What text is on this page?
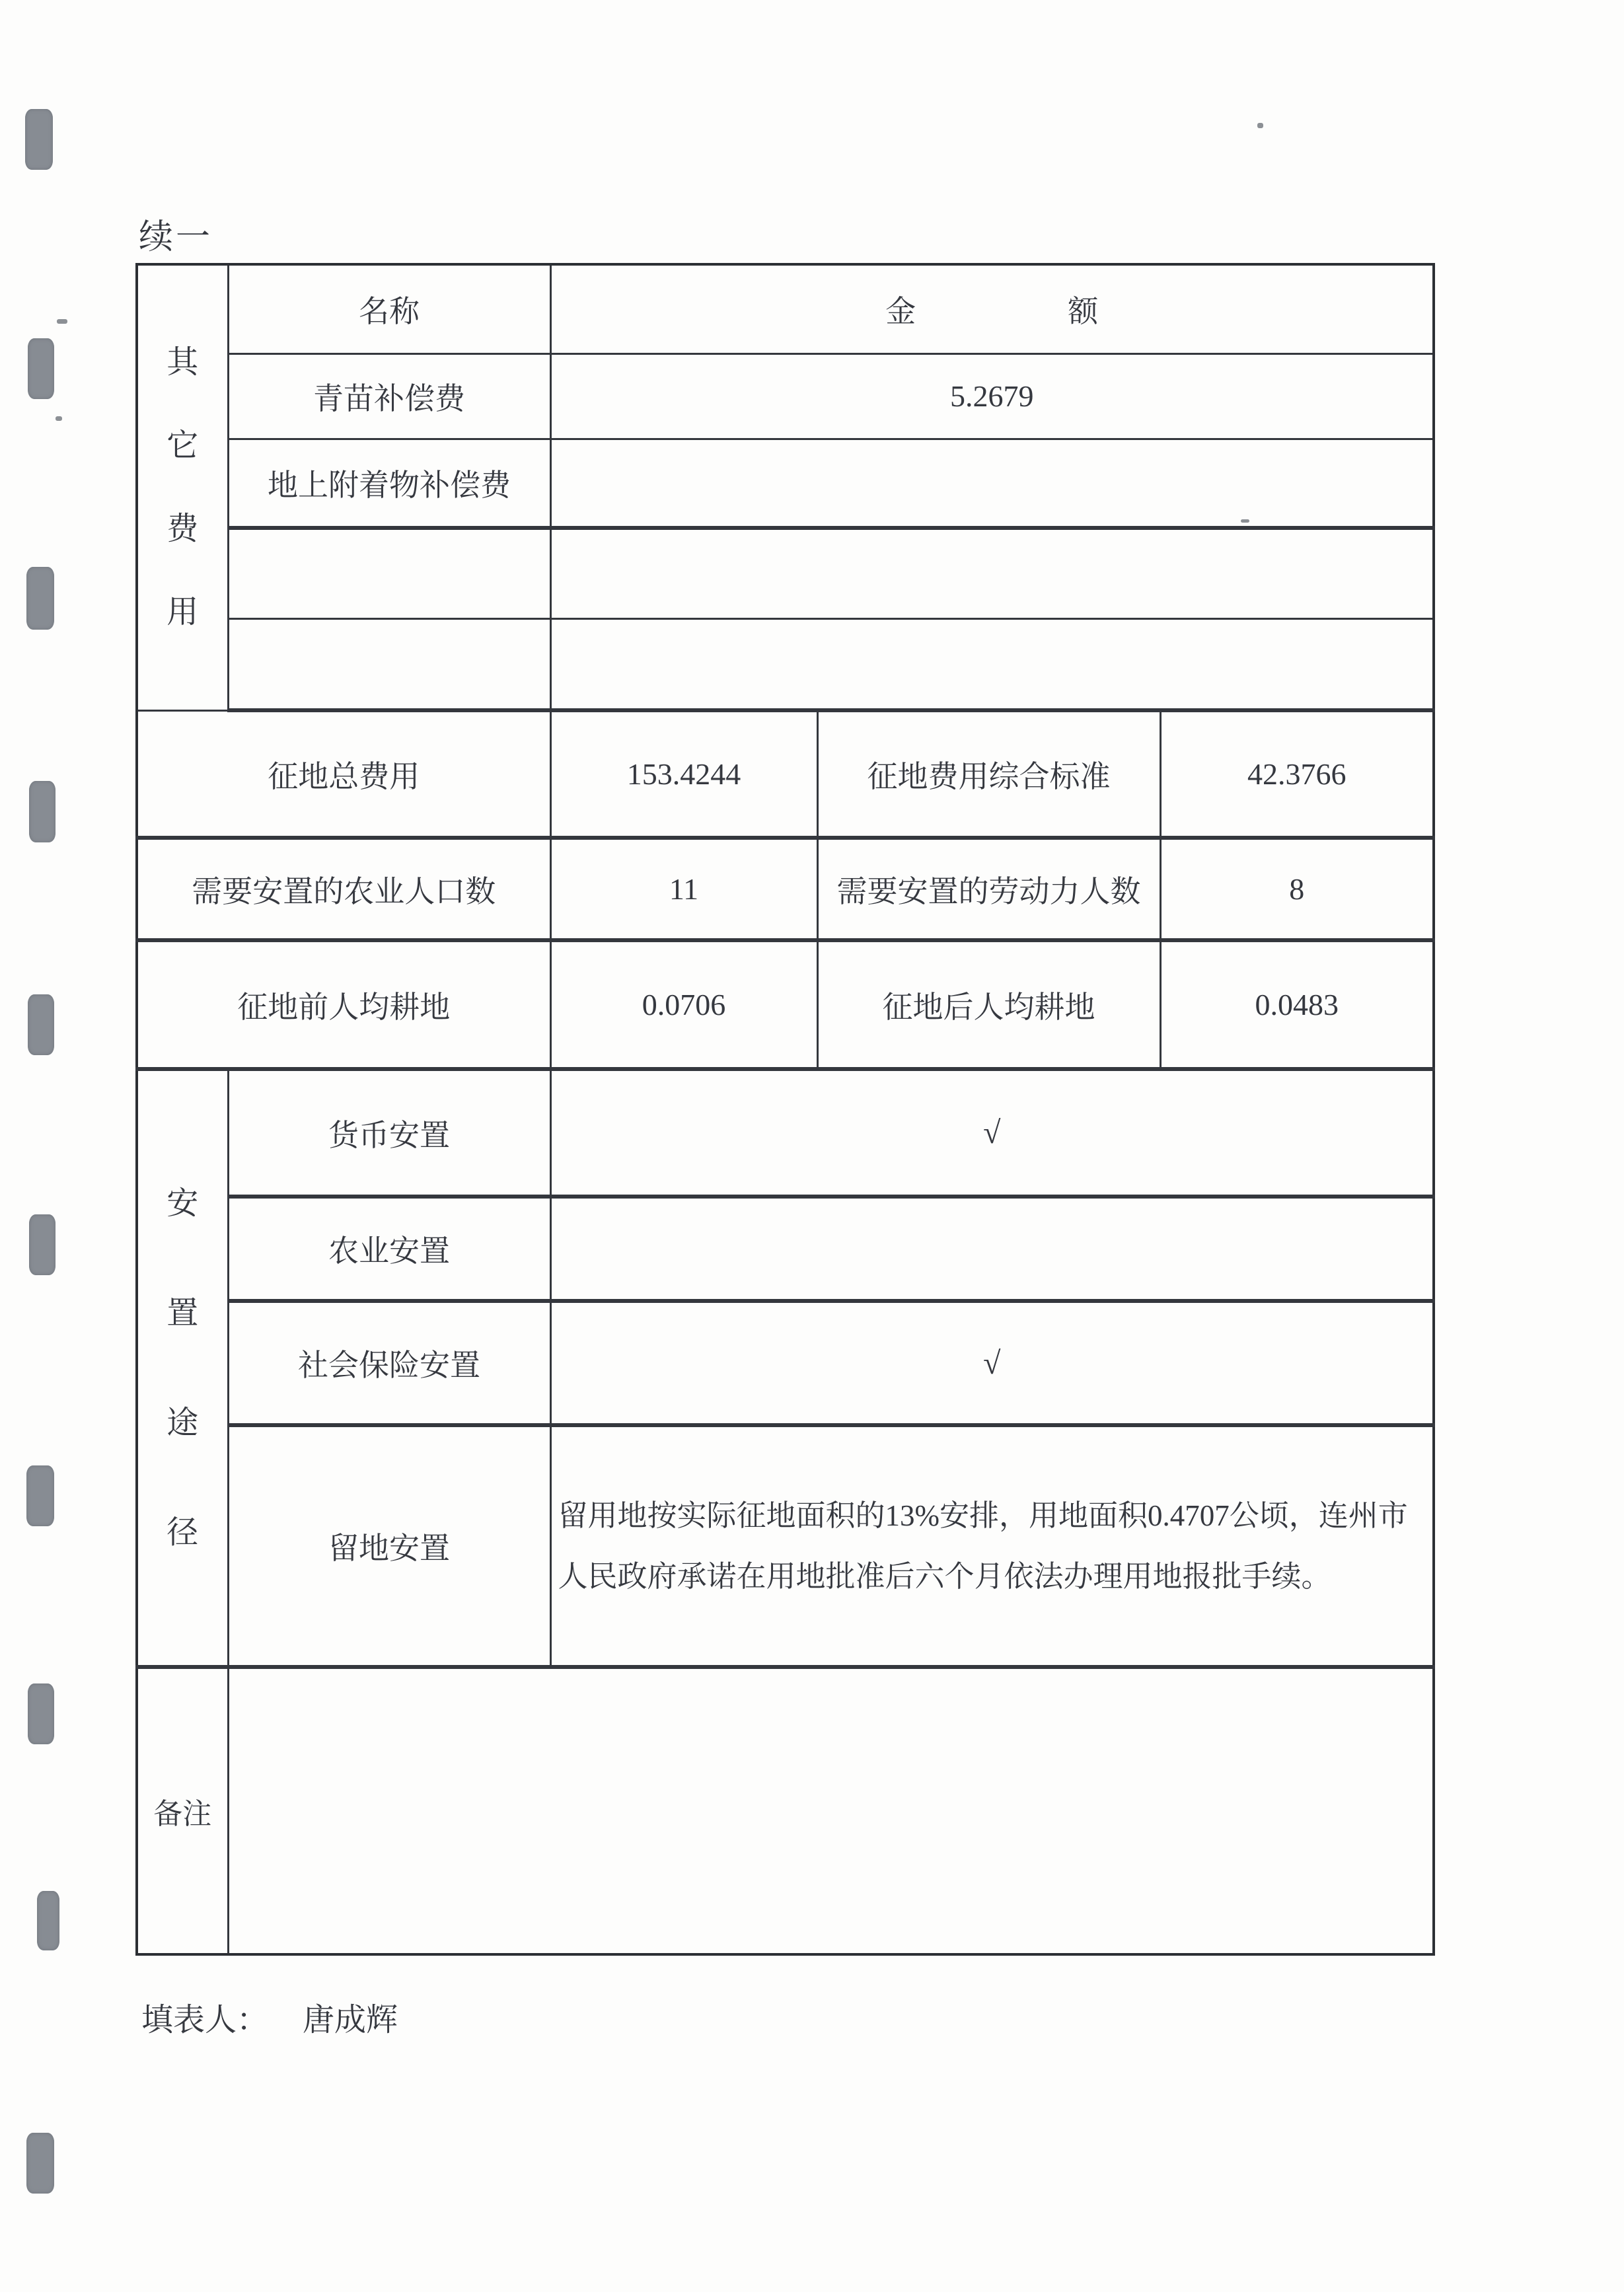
续一
其
它
费
用	名称	金额		
	青苗补偿费	5.2679		
	地上附着物补偿费			

征地总费用		153.4244	征地费用综合标准	42.3766
需要安置的农业人口数		11	需要安置的劳动力人数	8
征地前人均耕地		0.0706	征地后人均耕地	0.0483

安
置
途
径	货币安置	√		
	农业安置			
	社会保险安置	√		
	留地安置	留用地按实际征地面积的13%安排，用地面积0.4707公顷，连州市人民政府承诺在用地批准后六个月依法办理用地报批手续。		

备注				
填表人： 唐成辉
